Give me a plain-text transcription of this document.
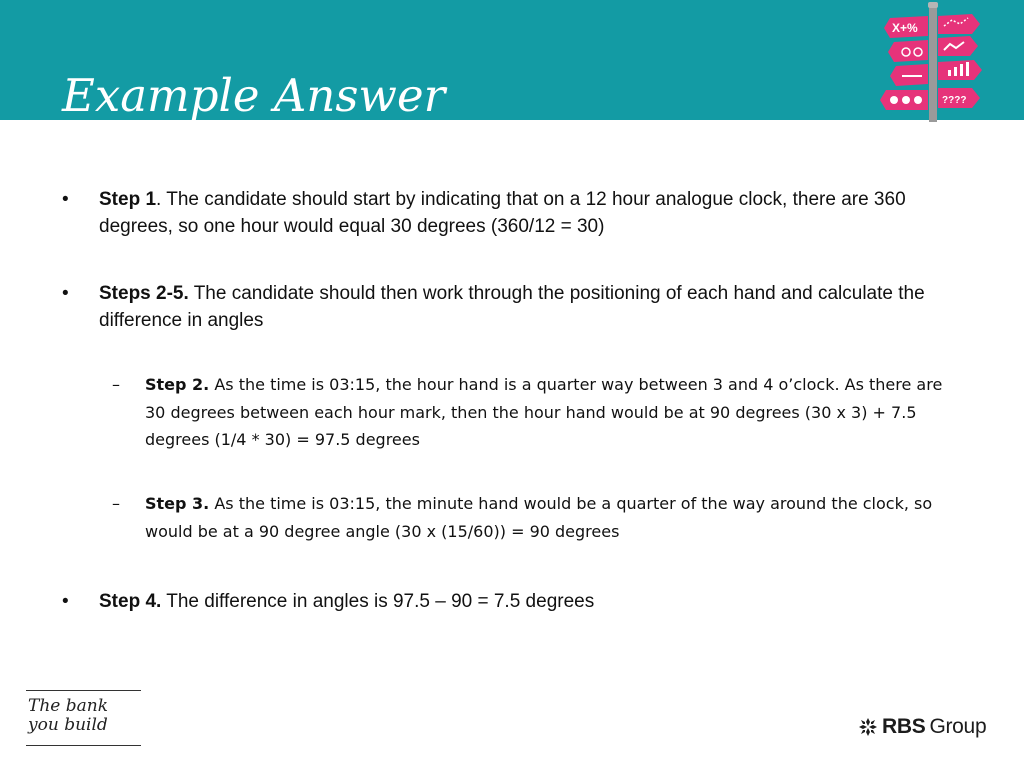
Example Answer
X+%
????
• Step 1. The candidate should start by indicating that on a 12 hour analogue clock, there are 360 degrees, so one hour would equal 30 degrees (360/12 = 30)
• Steps 2-5. The candidate should then work through the positioning of each hand and calculate the difference in angles
– Step 2. As the time is 03:15, the hour hand is a quarter way between 3 and 4 o’clock. As there are 30 degrees between each hour mark, then the hour hand would be at 90 degrees (30 x 3) + 7.5 degrees (1/4 * 30) = 97.5 degrees
– Step 3. As the time is 03:15, the minute hand would be a quarter of the way around the clock, so would be at a 90 degree angle (30 x (15/60)) = 90 degrees
• Step 4. The difference in angles is 97.5 – 90 = 7.5 degrees
The bank
you build	RBS Group
